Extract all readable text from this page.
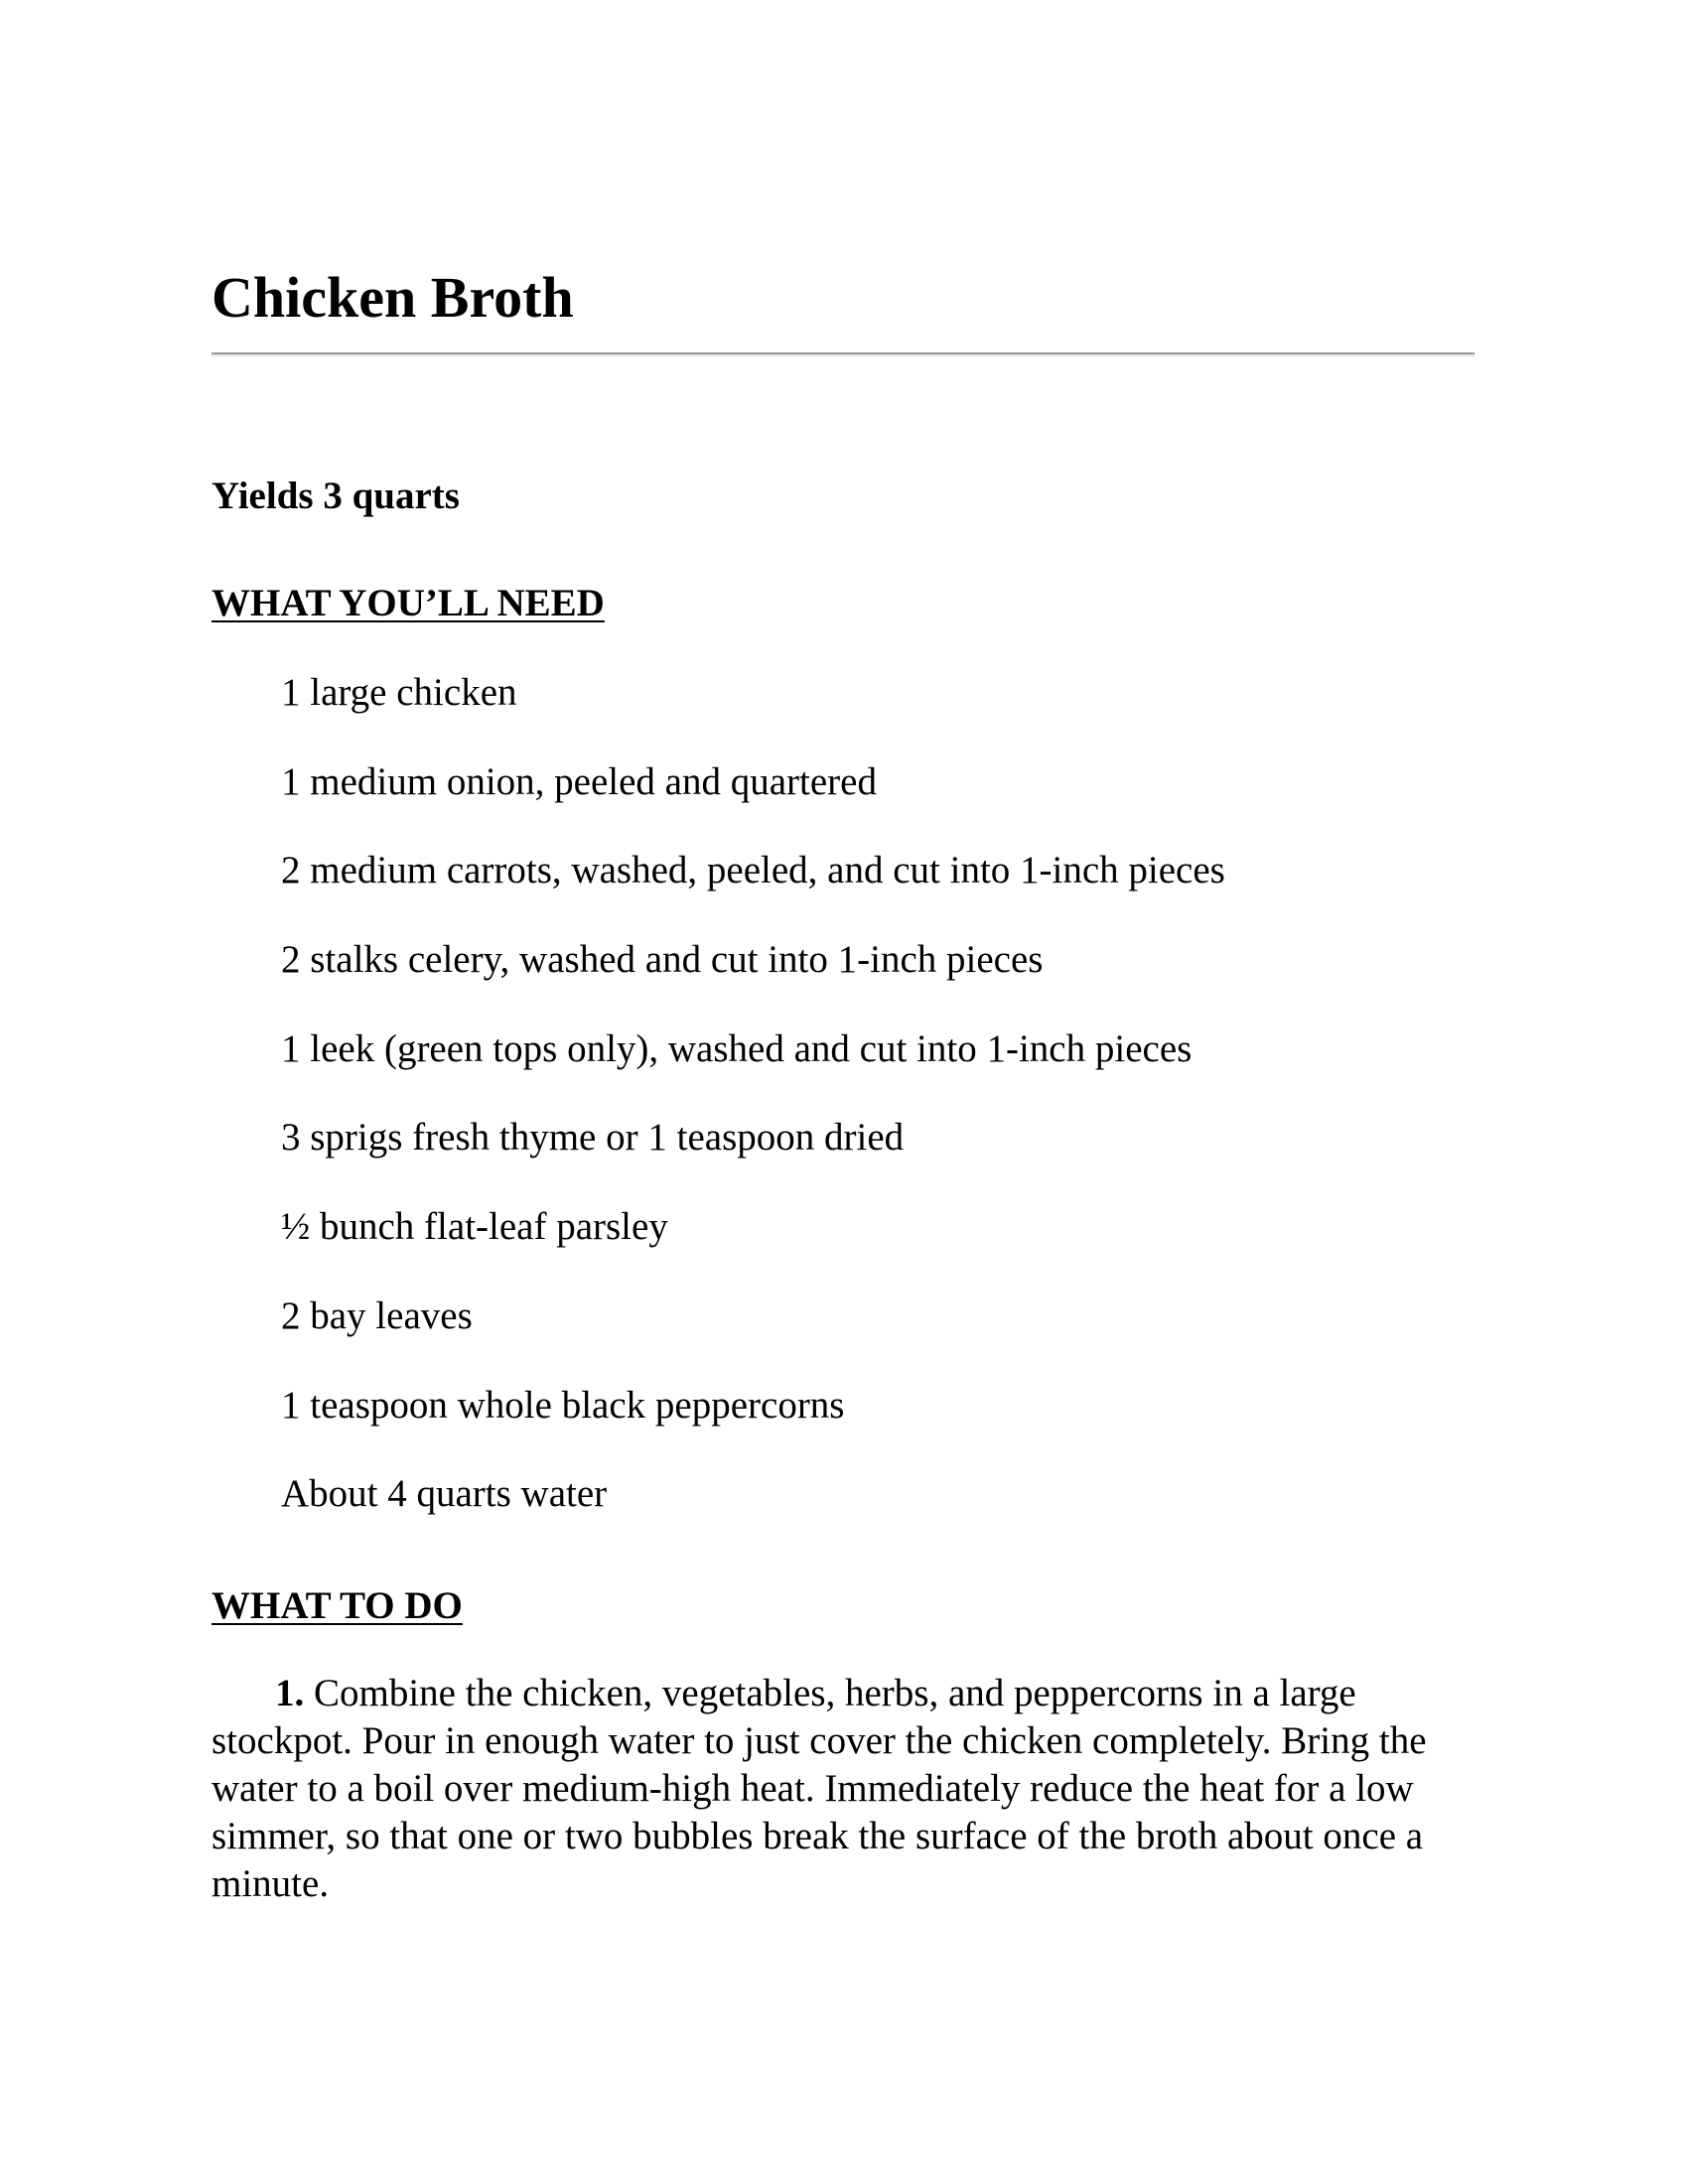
Chicken Broth

Yields 3 quarts

WHAT YOU’LL NEED
1 large chicken
1 medium onion, peeled and quartered
2 medium carrots, washed, peeled, and cut into 1-inch pieces
2 stalks celery, washed and cut into 1-inch pieces
1 leek (green tops only), washed and cut into 1-inch pieces
3 sprigs fresh thyme or 1 teaspoon dried
½ bunch flat-leaf parsley
2 bay leaves
1 teaspoon whole black peppercorns
About 4 quarts water
WHAT TO DO

1. Combine the chicken, vegetables, herbs, and peppercorns in a large stockpot. Pour in enough water to just cover the chicken completely. Bring the water to a boil over medium-high heat. Immediately reduce the heat for a low simmer, so that one or two bubbles break the surface of the broth about once a minute.
